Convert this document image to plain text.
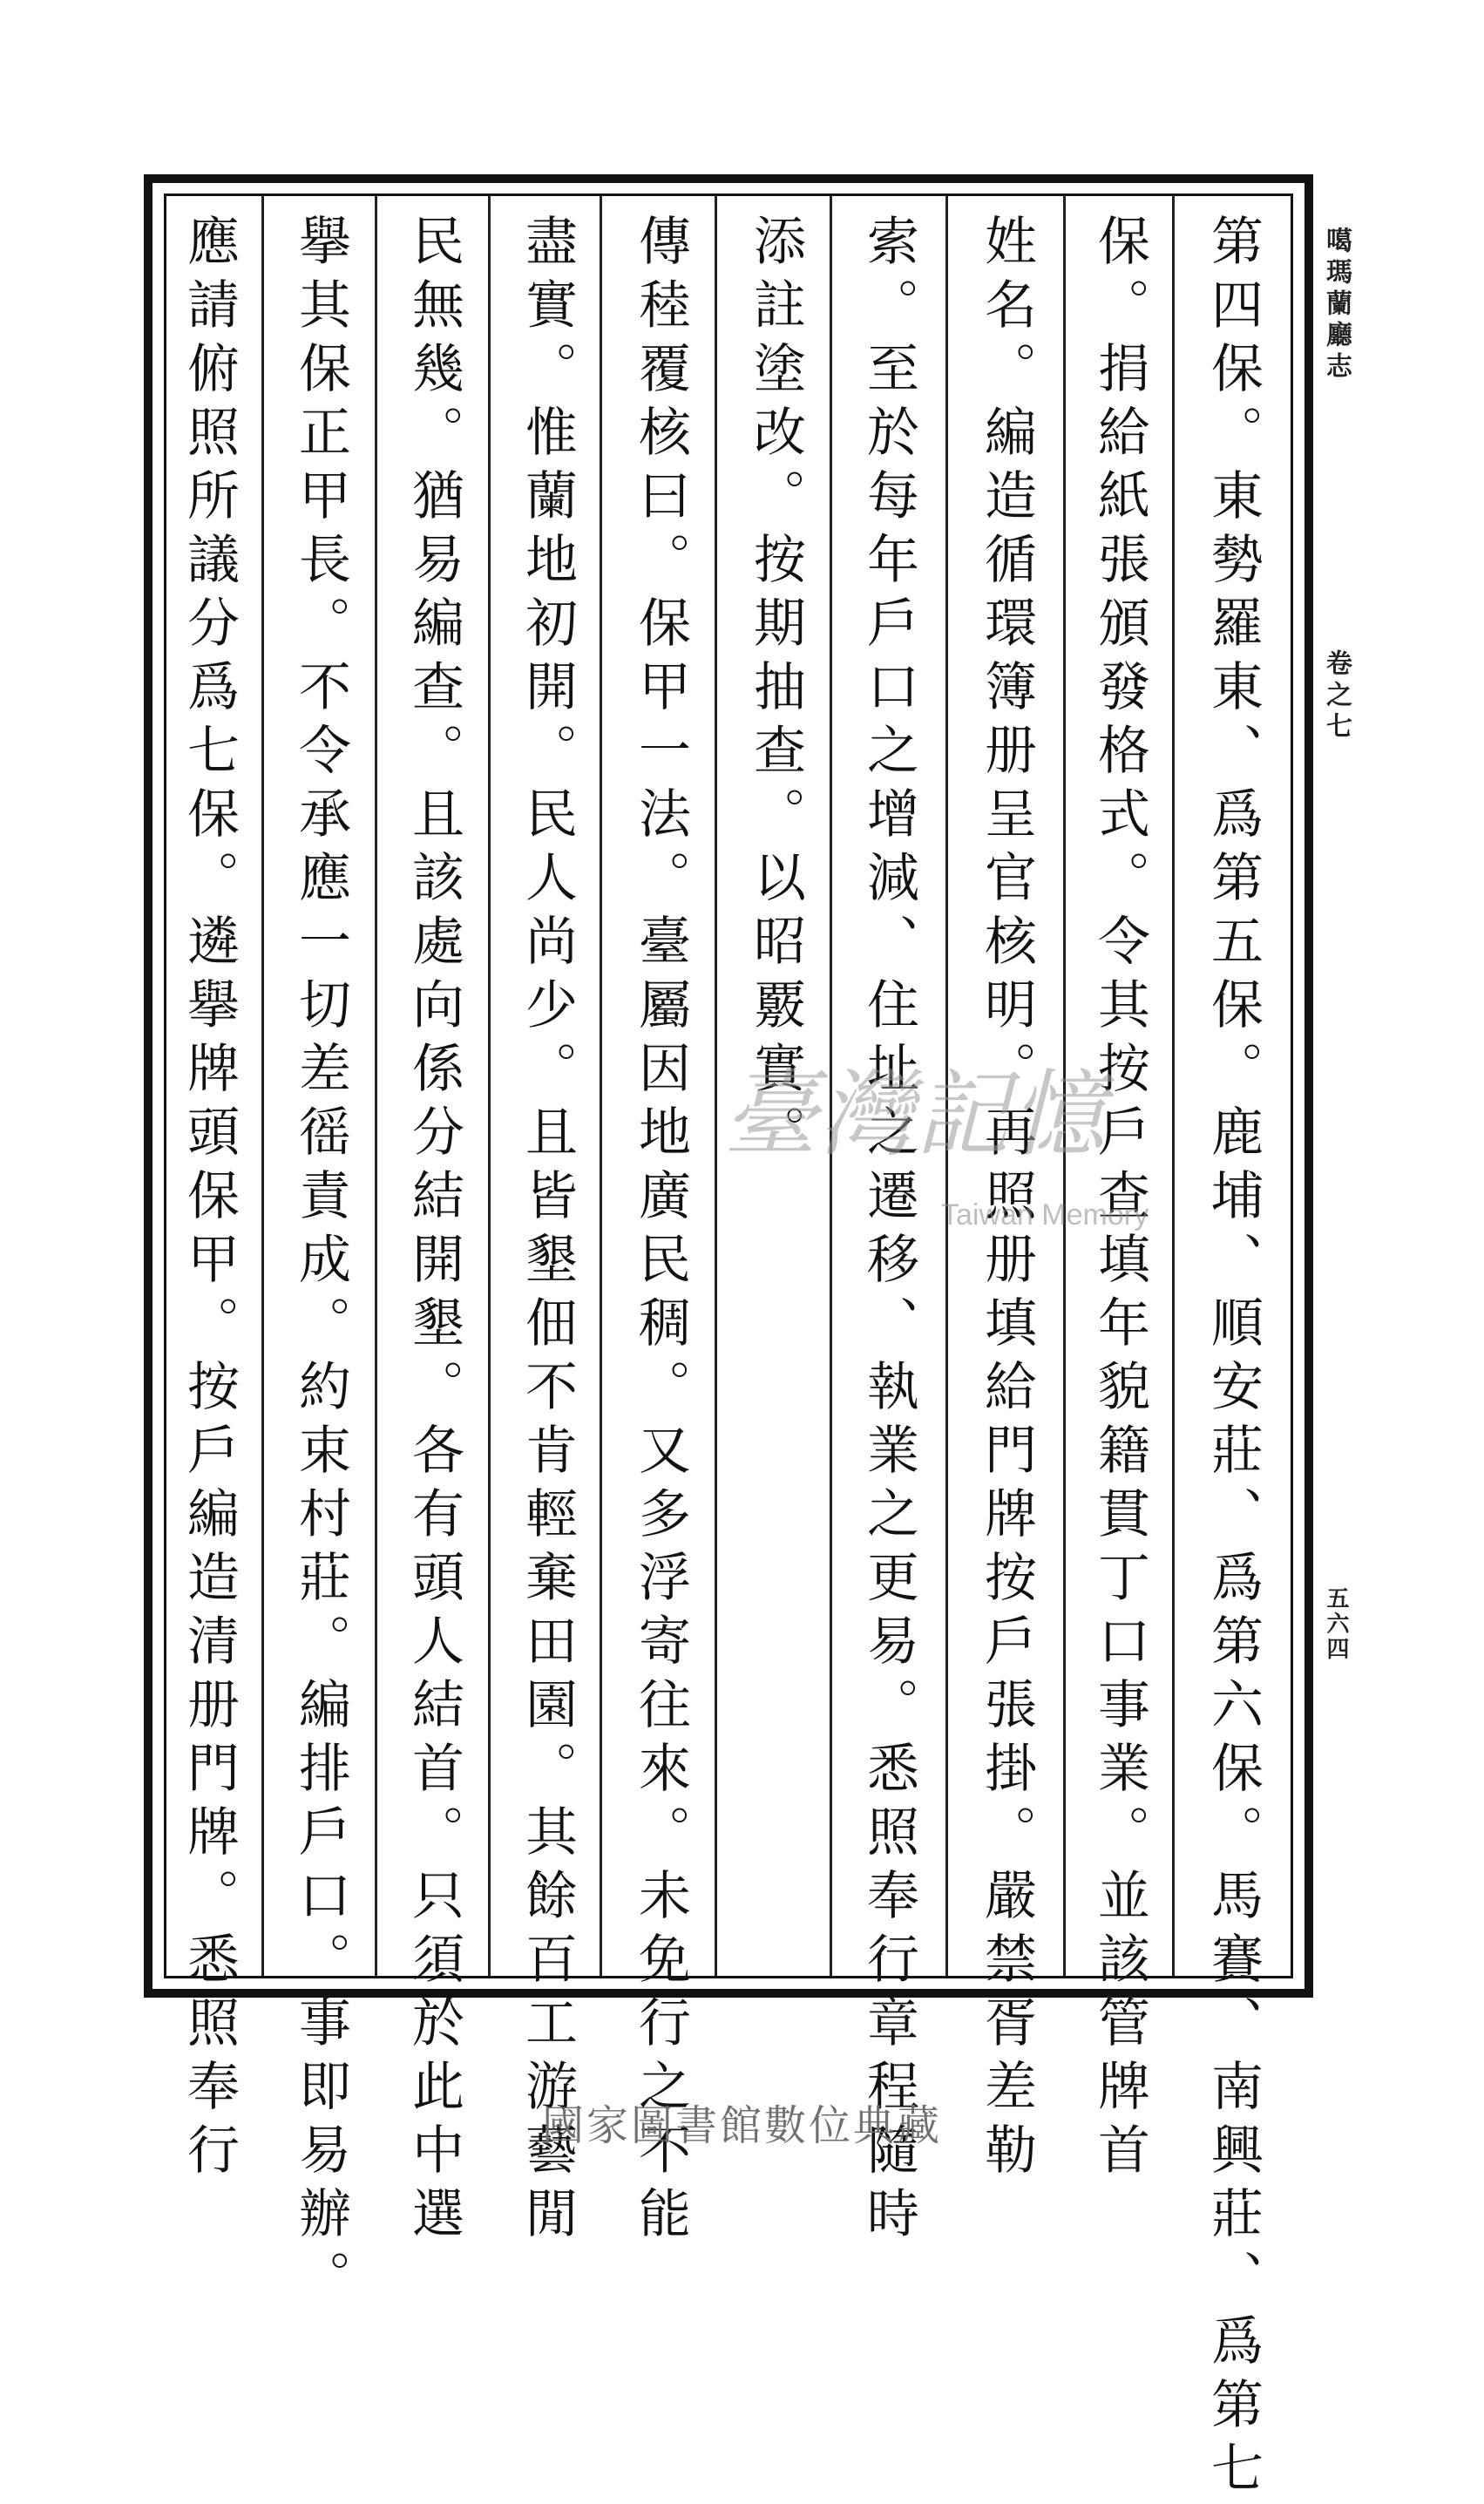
第四保。東勢羅東、爲第五保。鹿埔、順安莊、爲第六保。馬賽、南興莊、爲第七
保。捐給紙張頒發格式。令其按戶查填年貌籍貫丁口事業。並該管牌首
姓名。編造循環簿册呈官核明。再照册填給門牌按戶張掛。嚴禁胥差勒
索。至於每年戶口之增減、住址之遷移、執業之更易。悉照奉行章程隨時
添註塗改。按期抽查。以昭覈實。
傳稑覆核曰。保甲一法。臺屬因地廣民稠。又多浮寄往來。未免行之不能
盡實。惟蘭地初開。民人尚少。且皆墾佃不肯輕棄田園。其餘百工游藝閒
民無幾。猶易編查。且該處向係分結開墾。各有頭人結首。只須於此中選
擧其保正甲長。不令承應一切差徭責成。約束村莊。編排戶口。事即易辦。
應請俯照所議分爲七保。遴擧牌頭保甲。按戶編造清册門牌。悉照奉行	噶瑪蘭廳志
卷之七
五六四
臺灣記憶
Taiwan Memory
國家圖書館數位典藏
